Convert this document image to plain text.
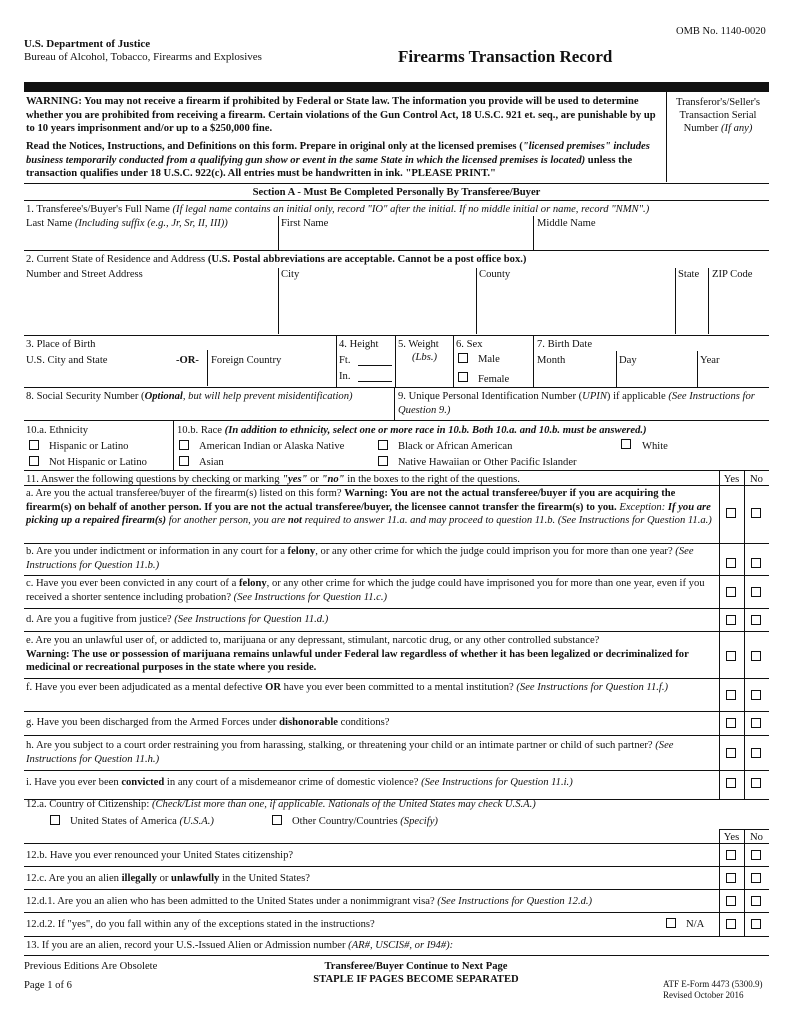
OMB No. 1140-0020
U.S. Department of Justice
Bureau of Alcohol, Tobacco, Firearms and Explosives	Firearms Transaction Record
WARNING: You may not receive a firearm if prohibited by Federal or State law. The information you provide will be used to determine whether you are prohibited from receiving a firearm. Certain violations of the Gun Control Act, 18 U.S.C. 921 et. seq., are punishable by up to 10 years imprisonment and/or up to a $250,000 fine.
Read the Notices, Instructions, and Definitions on this form. Prepare in original only at the licensed premises ("licensed premises" includes business temporarily conducted from a qualifying gun show or event in the same State in which the licensed premises is located) unless the transaction qualifies under 18 U.S.C. 922(c). All entries must be handwritten in ink. "PLEASE PRINT."
Transferor's/Seller's
Transaction Serial
Number (If any)
Section A - Must Be Completed Personally By Transferee/Buyer
1. Transferee's/Buyer's Full Name (If legal name contains an initial only, record "IO" after the initial. If no middle initial or name, record "NMN".)
Last Name (Including suffix (e.g., Jr, Sr, II, III))	First Name	Middle Name
2. Current State of Residence and Address (U.S. Postal abbreviations are acceptable. Cannot be a post office box.)
Number and Street Address	City	County	State ZIP Code
3. Place of Birth
U.S. City and State	-OR- Foreign Country
4. Height
Ft.
In.
5. Weight
(Lbs.)
6. Sex
Male
Female
7. Birth Date
Month	Day	Year
8. Social Security Number (Optional, but will help prevent misidentification)	9. Unique Personal Identification Number (UPIN) if applicable (See Instructions for Question 9.)
10.a. Ethnicity
Hispanic or Latino
Not Hispanic or Latino
10.b. Race (In addition to ethnicity, select one or more race in 10.b. Both 10.a. and 10.b. must be answered.)
American Indian or Alaska Native	Black or African American	White
Asian	Native Hawaiian or Other Pacific Islander
11. Answer the following questions by checking or marking "yes" or "no" in the boxes to the right of the questions.	Yes	No
a. Are you the actual transferee/buyer of the firearm(s) listed on this form? Warning: You are not the actual transferee/buyer if you are acquiring the firearm(s) on behalf of another person. If you are not the actual transferee/buyer, the licensee cannot transfer the firearm(s) to you. Exception: If you are picking up a repaired firearm(s) for another person, you are not required to answer 11.a. and may proceed to question 11.b. (See Instructions for Question 11.a.)
b. Are you under indictment or information in any court for a felony, or any other crime for which the judge could imprison you for more than one year? (See Instructions for Question 11.b.)
c. Have you ever been convicted in any court of a felony, or any other crime for which the judge could have imprisoned you for more than one year, even if you received a shorter sentence including probation? (See Instructions for Question 11.c.)
d. Are you a fugitive from justice? (See Instructions for Question 11.d.)
e. Are you an unlawful user of, or addicted to, marijuana or any depressant, stimulant, narcotic drug, or any other controlled substance?
Warning: The use or possession of marijuana remains unlawful under Federal law regardless of whether it has been legalized or decriminalized for medicinal or recreational purposes in the state where you reside.
f. Have you ever been adjudicated as a mental defective OR have you ever been committed to a mental institution? (See Instructions for Question 11.f.)
g. Have you been discharged from the Armed Forces under dishonorable conditions?
h. Are you subject to a court order restraining you from harassing, stalking, or threatening your child or an intimate partner or child of such partner? (See Instructions for Question 11.h.)
i. Have you ever been convicted in any court of a misdemeanor crime of domestic violence? (See Instructions for Question 11.i.)
12.a. Country of Citizenship: (Check/List more than one, if applicable. Nationals of the United States may check U.S.A.)
United States of America (U.S.A.)	Other Country/Countries (Specify)
Yes	No
12.b. Have you ever renounced your United States citizenship?
12.c. Are you an alien illegally or unlawfully in the United States?
12.d.1. Are you an alien who has been admitted to the United States under a nonimmigrant visa? (See Instructions for Question 12.d.)
12.d.2. If "yes", do you fall within any of the exceptions stated in the instructions?	N/A
13. If you are an alien, record your U.S.-Issued Alien or Admission number (AR#, USCIS#, or I94#):
Previous Editions Are Obsolete
Page 1 of 6
Transferee/Buyer Continue to Next Page
STAPLE IF PAGES BECOME SEPARATED	ATF E-Form 4473 (5300.9)
Revised October 2016
